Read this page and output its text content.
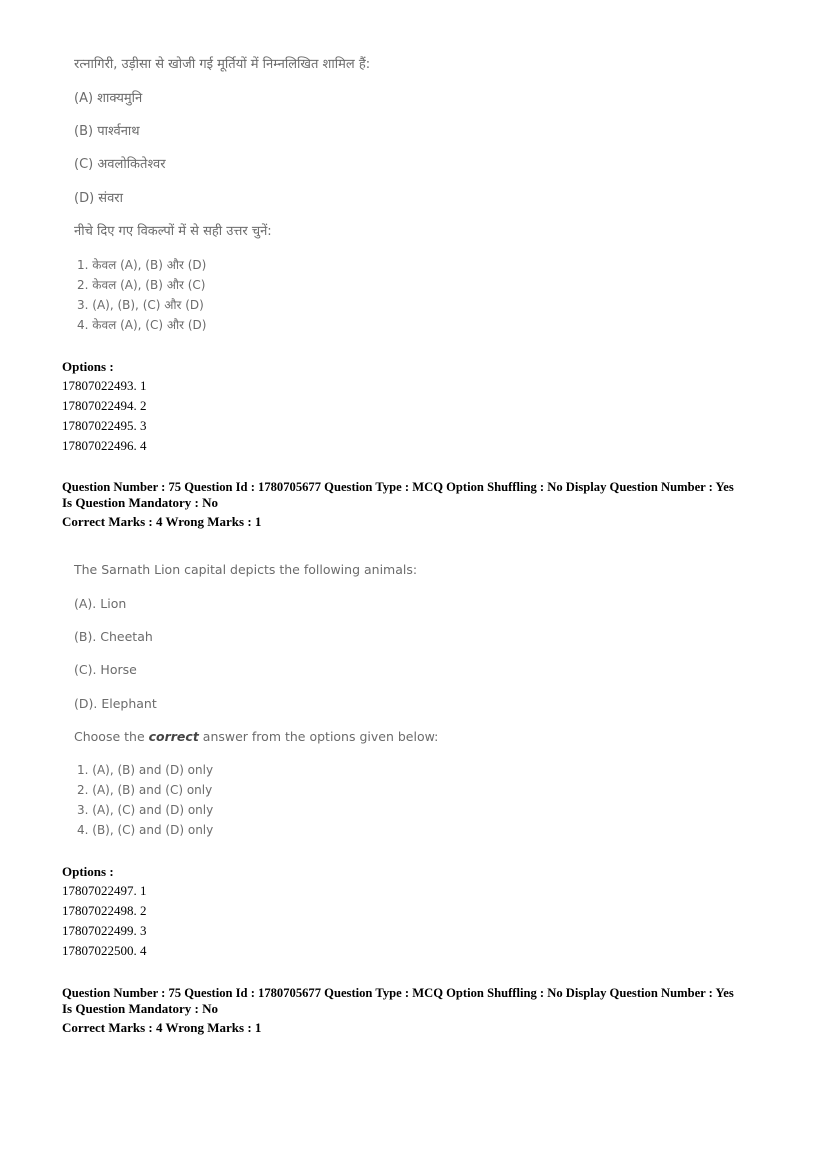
रत्नागिरी, उड़ीसा से खोजी गई मूर्तियों में निम्नलिखित शामिल हैं:
(A) शाक्यमुनि
(B) पार्श्वनाथ
(C) अवलोकितेश्वर
(D) संवरा
नीचे दिए गए विकल्पों में से सही उत्तर चुनें:
1. केवल (A), (B) और (D)
2. केवल (A), (B) और (C)
3. (A), (B), (C) और (D)
4. केवल (A), (C) और (D)
Options :
17807022493. 1
17807022494. 2
17807022495. 3
17807022496. 4
Question Number : 75 Question Id : 1780705677 Question Type : MCQ Option Shuffling : No Display Question Number : Yes
Is Question Mandatory : No
Correct Marks : 4 Wrong Marks : 1
The Sarnath Lion capital depicts the following animals:
(A). Lion
(B). Cheetah
(C). Horse
(D). Elephant
Choose the correct answer from the options given below:
1. (A), (B) and (D) only
2. (A), (B) and (C) only
3. (A), (C) and (D) only
4. (B), (C) and (D) only
Options :
17807022497. 1
17807022498. 2
17807022499. 3
17807022500. 4
Question Number : 75 Question Id : 1780705677 Question Type : MCQ Option Shuffling : No Display Question Number : Yes
Is Question Mandatory : No
Correct Marks : 4 Wrong Marks : 1
